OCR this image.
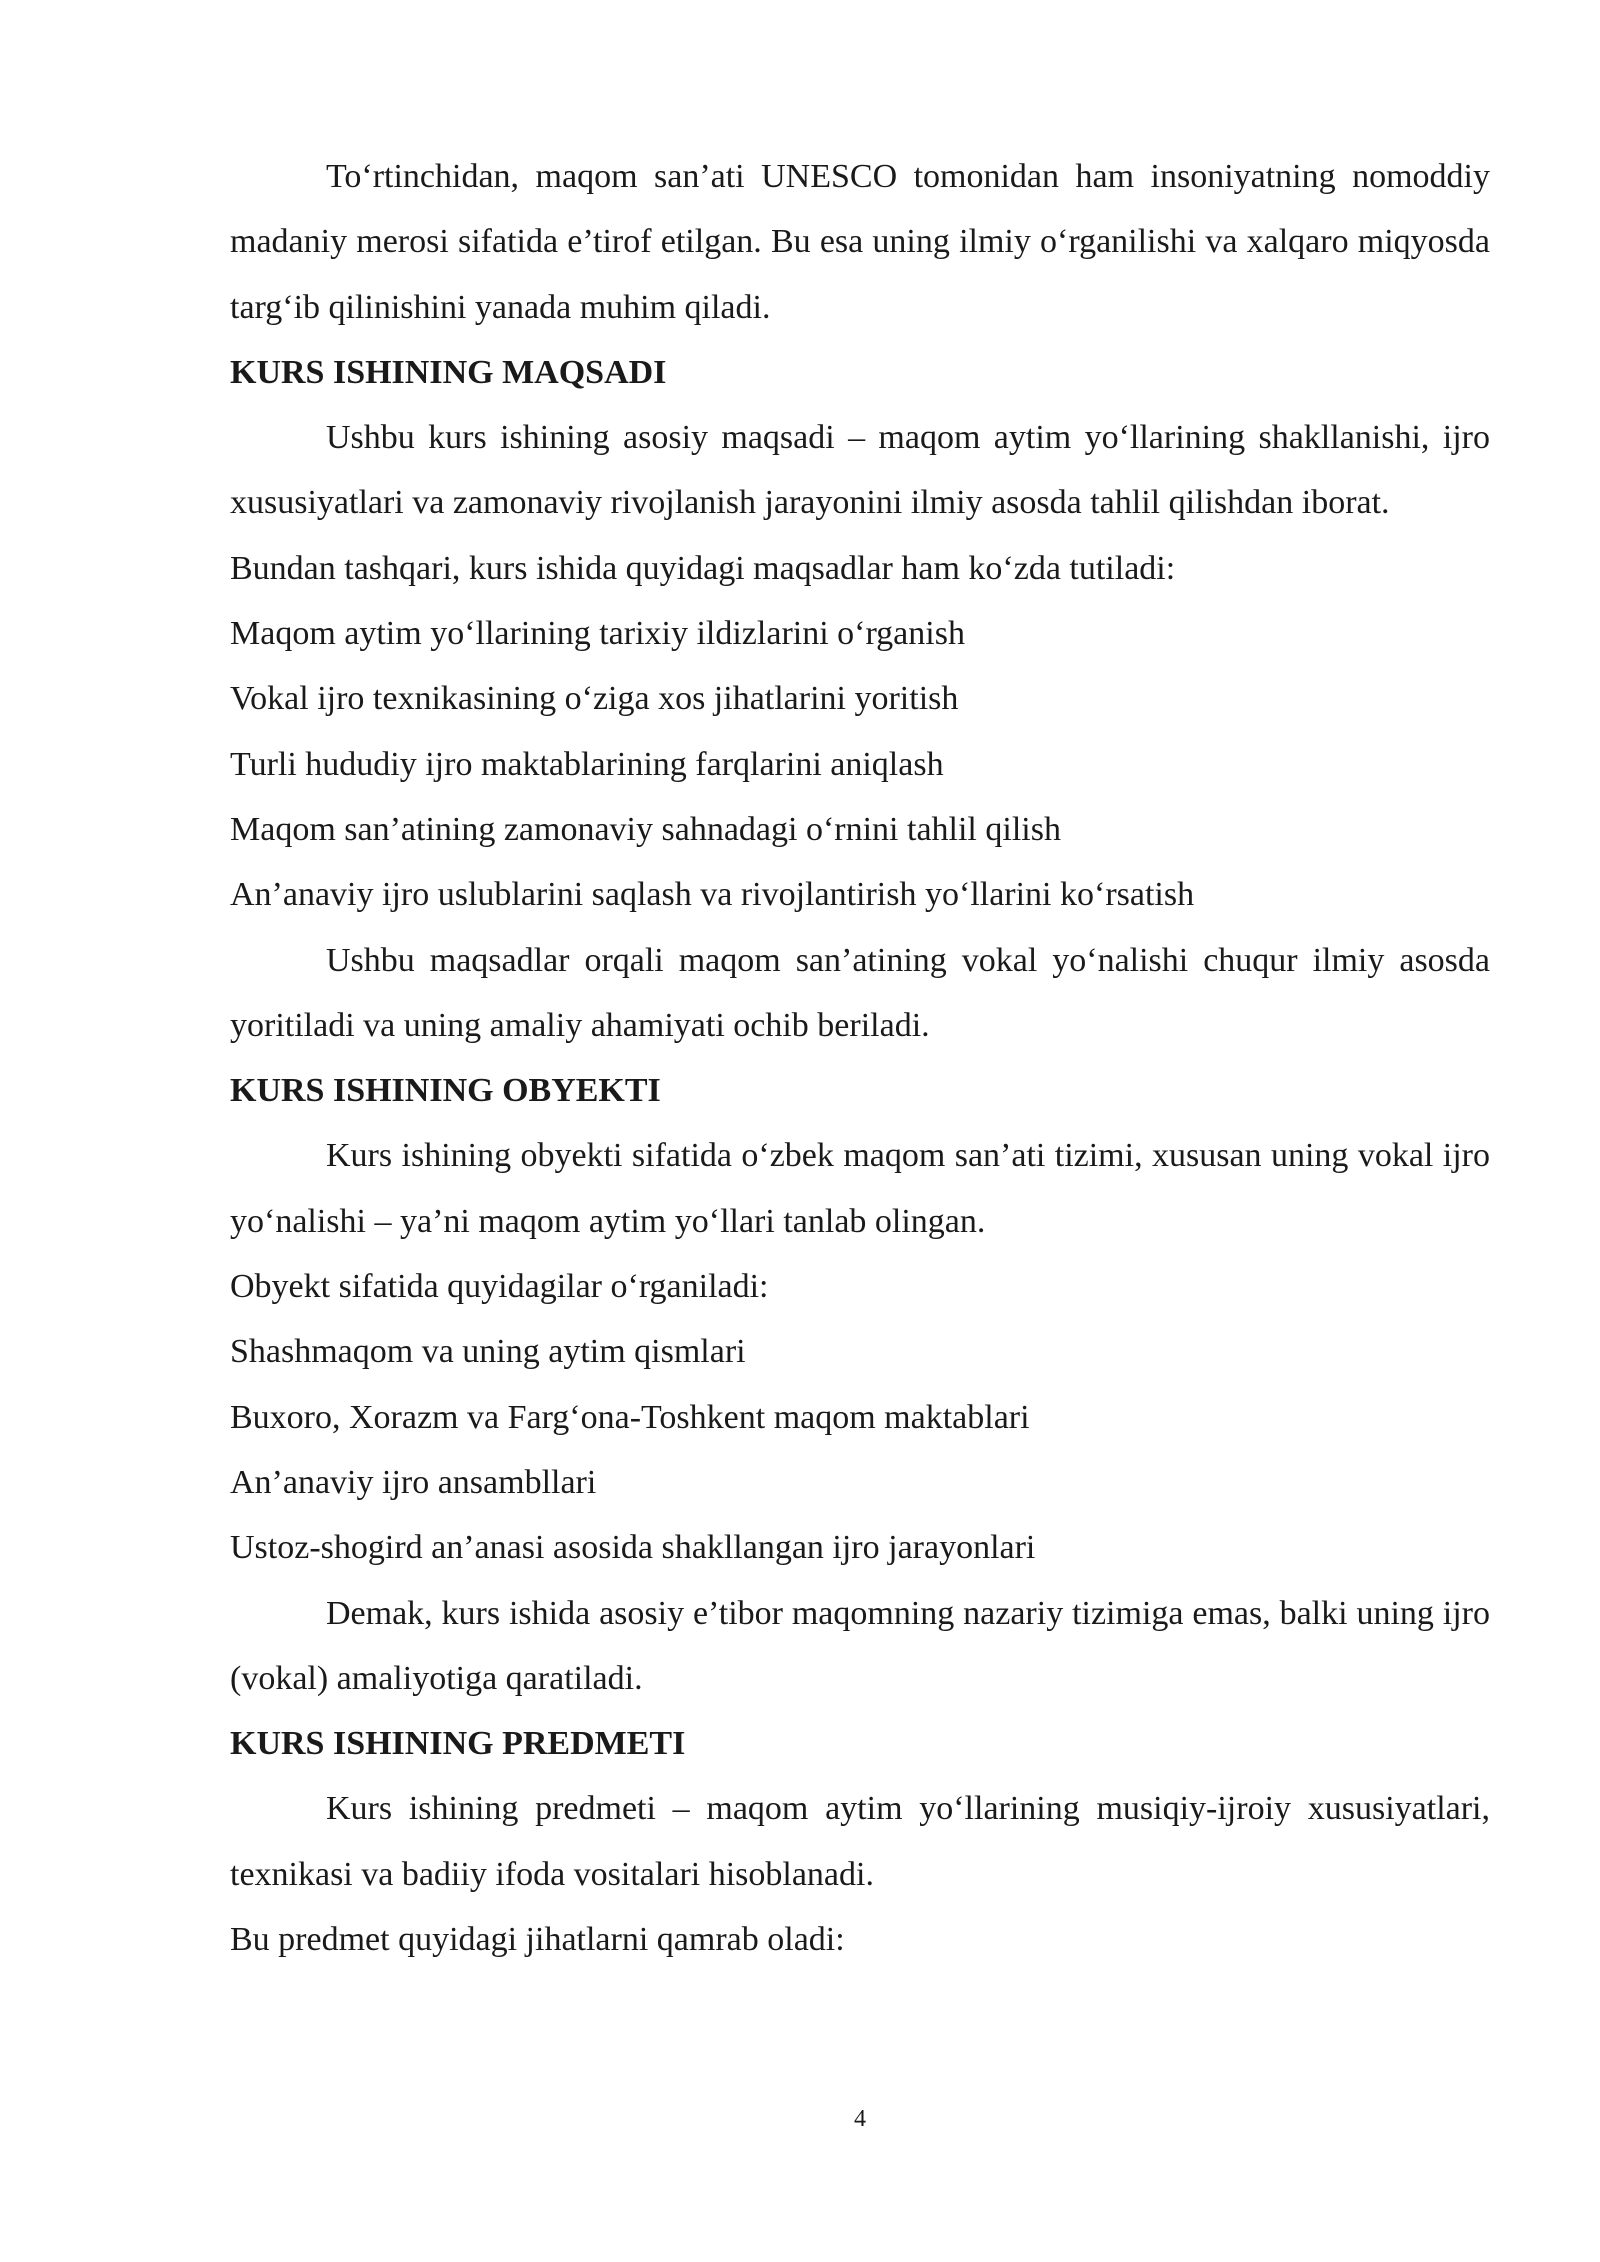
To‘rtinchidan, maqom san’ati UNESCO tomonidan ham insoniyatning nomoddiy madaniy merosi sifatida e’tirof etilgan. Bu esa uning ilmiy o‘rganilishi va xalqaro miqyosda targ‘ib qilinishini yanada muhim qiladi.

KURS ISHINING MAQSADI

Ushbu kurs ishining asosiy maqsadi – maqom aytim yo‘llarining shakllanishi, ijro xususiyatlari va zamonaviy rivojlanish jarayonini ilmiy asosda tahlil qilishdan iborat.

Bundan tashqari, kurs ishida quyidagi maqsadlar ham ko‘zda tutiladi:

Maqom aytim yo‘llarining tarixiy ildizlarini o‘rganish

Vokal ijro texnikasining o‘ziga xos jihatlarini yoritish

Turli hududiy ijro maktablarining farqlarini aniqlash

Maqom san’atining zamonaviy sahnadagi o‘rnini tahlil qilish

An’anaviy ijro uslublarini saqlash va rivojlantirish yo‘llarini ko‘rsatish

Ushbu maqsadlar orqali maqom san’atining vokal yo‘nalishi chuqur ilmiy asosda yoritiladi va uning amaliy ahamiyati ochib beriladi.

KURS ISHINING OBYEKTI

Kurs ishining obyekti sifatida o‘zbek maqom san’ati tizimi, xususan uning vokal ijro yo‘nalishi – ya’ni maqom aytim yo‘llari tanlab olingan.

Obyekt sifatida quyidagilar o‘rganiladi:

Shashmaqom va uning aytim qismlari

Buxoro, Xorazm va Farg‘ona-Toshkent maqom maktablari

An’anaviy ijro ansambllari

Ustoz-shogird an’anasi asosida shakllangan ijro jarayonlari

Demak, kurs ishida asosiy e’tibor maqomning nazariy tizimiga emas, balki uning ijro (vokal) amaliyotiga qaratiladi.

KURS ISHINING PREDMETI

Kurs ishining predmeti – maqom aytim yo‘llarining musiqiy-ijroiy xususiyatlari, texnikasi va badiiy ifoda vositalari hisoblanadi.

Bu predmet quyidagi jihatlarni qamrab oladi:

4
